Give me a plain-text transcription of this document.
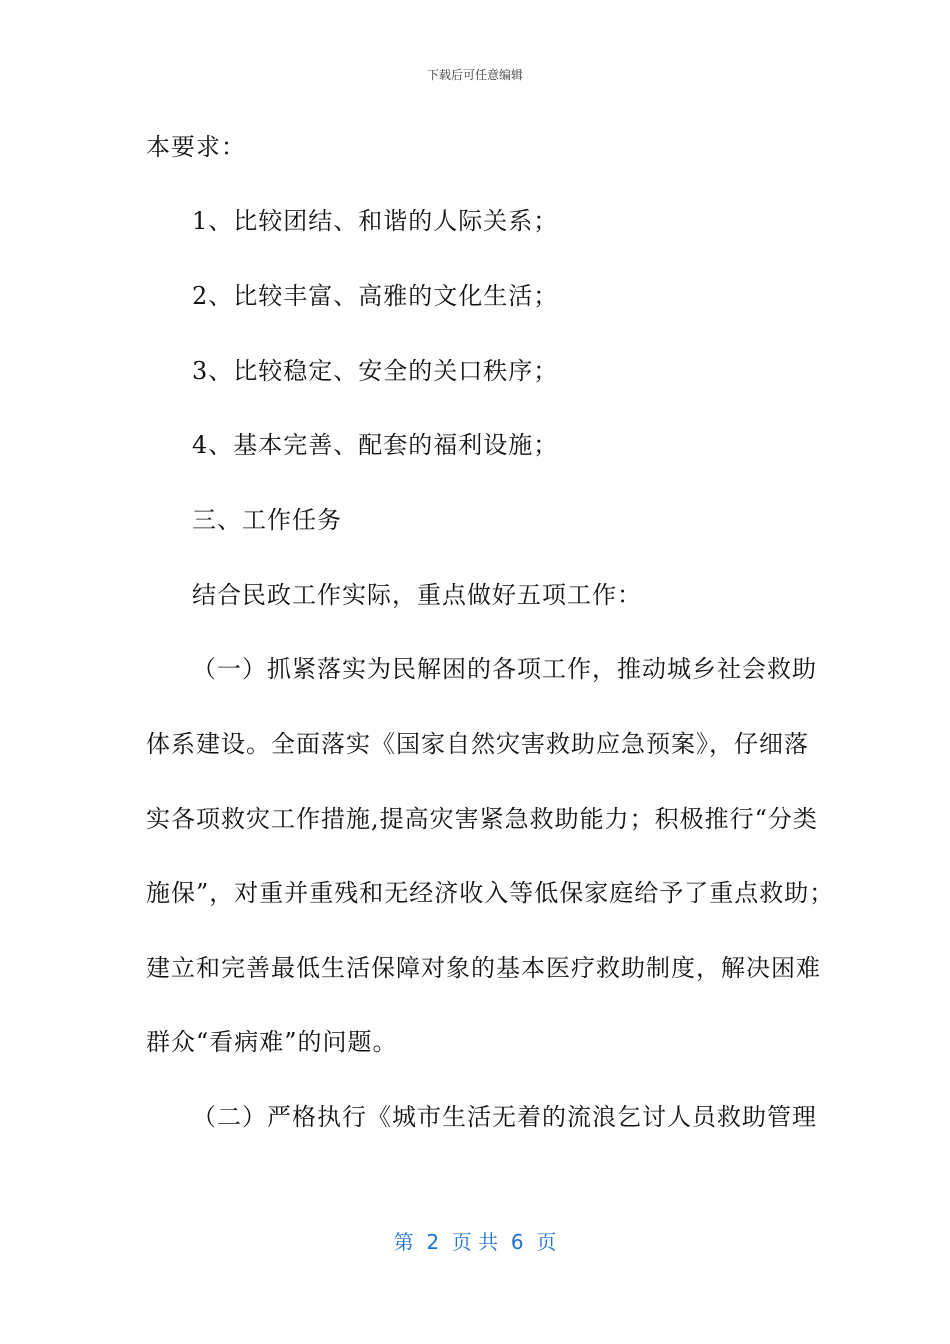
下载后可任意编辑
本要求：
1、比较团结、和谐的人际关系；
2、比较丰富、高雅的文化生活；
3、比较稳定、安全的关口秩序；
4、基本完善、配套的福利设施；
三、工作任务
结合民政工作实际，重点做好五项工作：
（一）抓紧落实为民解困的各项工作，推动城乡社会救助
体系建设。全面落实《国家自然灾害救助应急预案》，仔细落
实各项救灾工作措施,提高灾害紧急救助能力；积极推行“分类
施保”，对重并重残和无经济收入等低保家庭给予了重点救助；
建立和完善最低生活保障对象的基本医疗救助制度，解决困难
群众“看病难”的问题。
（二）严格执行《城市生活无着的流浪乞讨人员救助管理
第  2  页 共  6  页
